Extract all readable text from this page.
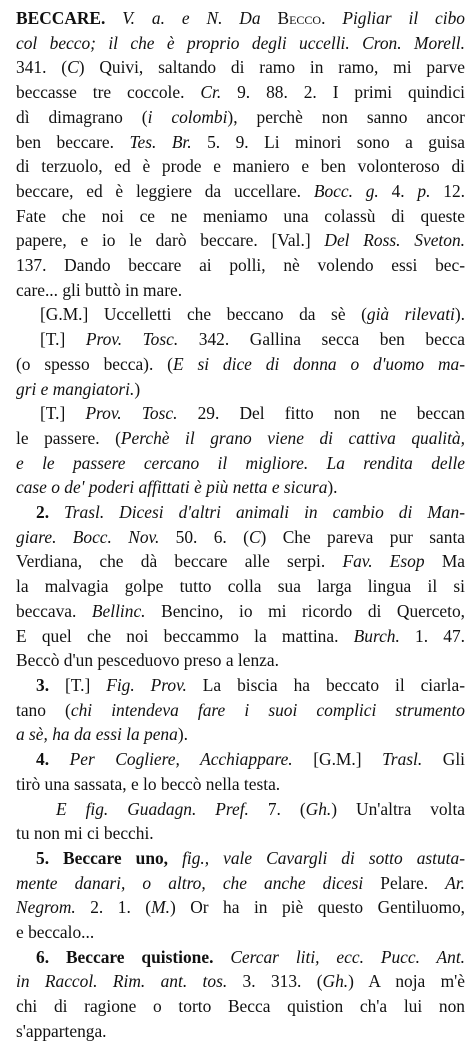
BECCARE. V. a. e N. Da Becco. Pigliar il cibo
col becco; il che è proprio degli uccelli. Cron. Morell.
341. (C) Quivi, saltando di ramo in ramo, mi parve
beccasse tre coccole. Cr. 9. 88. 2. I primi quindici
dì dimagrano (i colombi), perchè non sanno ancor
ben beccare. Tes. Br. 5. 9. Li minori sono a guisa
di terzuolo, ed è prode e maniero e ben volonteroso di
beccare, ed è leggiere da uccellare. Bocc. g. 4. p. 12.
Fate che noi ce ne meniamo una colassù di queste
papere, e io le darò beccare. [Val.] Del Ross. Sveton.
137. Dando beccare ai polli, nè volendo essi bec-
care... gli buttò in mare.
[G.M.] Uccelletti che beccano da sè (già rilevati).
[T.] Prov. Tosc. 342. Gallina secca ben becca
(o spesso becca). (E si dice di donna o d'uomo ma-
gri e mangiatori.)
[T.] Prov. Tosc. 29. Del fitto non ne beccan
le passere. (Perchè il grano viene di cattiva qualità,
e le passere cercano il migliore. La rendita delle
case o de' poderi affittati è più netta e sicura).
2. Trasl. Dicesi d'altri animali in cambio di Man-
giare. Bocc. Nov. 50. 6. (C) Che pareva pur santa
Verdiana, che dà beccare alle serpi. Fav. Esop Ma
la malvagia golpe tutto colla sua larga lingua il si
beccava. Bellinc. Bencino, io mi ricordo di Querceto,
E quel che noi beccammo la mattina. Burch. 1. 47.
Beccò d'un pesceduovo preso a lenza.
3. [T.] Fig. Prov. La biscia ha beccato il ciarla-
tano (chi intendeva fare i suoi complici strumento
a sè, ha da essi la pena).
4. Per Cogliere, Acchiappare. [G.M.] Trasl. Gli
tirò una sassata, e lo beccò nella testa.
E fig. Guadagn. Pref. 7. (Gh.) Un'altra volta
tu non mi ci becchi.
5. Beccare uno, fig., vale Cavargli di sotto astuta-
mente danari, o altro, che anche dicesi Pelare. Ar.
Negrom. 2. 1. (M.) Or ha in piè questo Gentiluomo,
e beccalo...
6. Beccare quistione. Cercar liti, ecc. Pucc. Ant.
in Raccol. Rim. ant. tos. 3. 313. (Gh.) A noja m'è
chi di ragione o torto Becca quistion ch'a lui non
s'appartenga.
